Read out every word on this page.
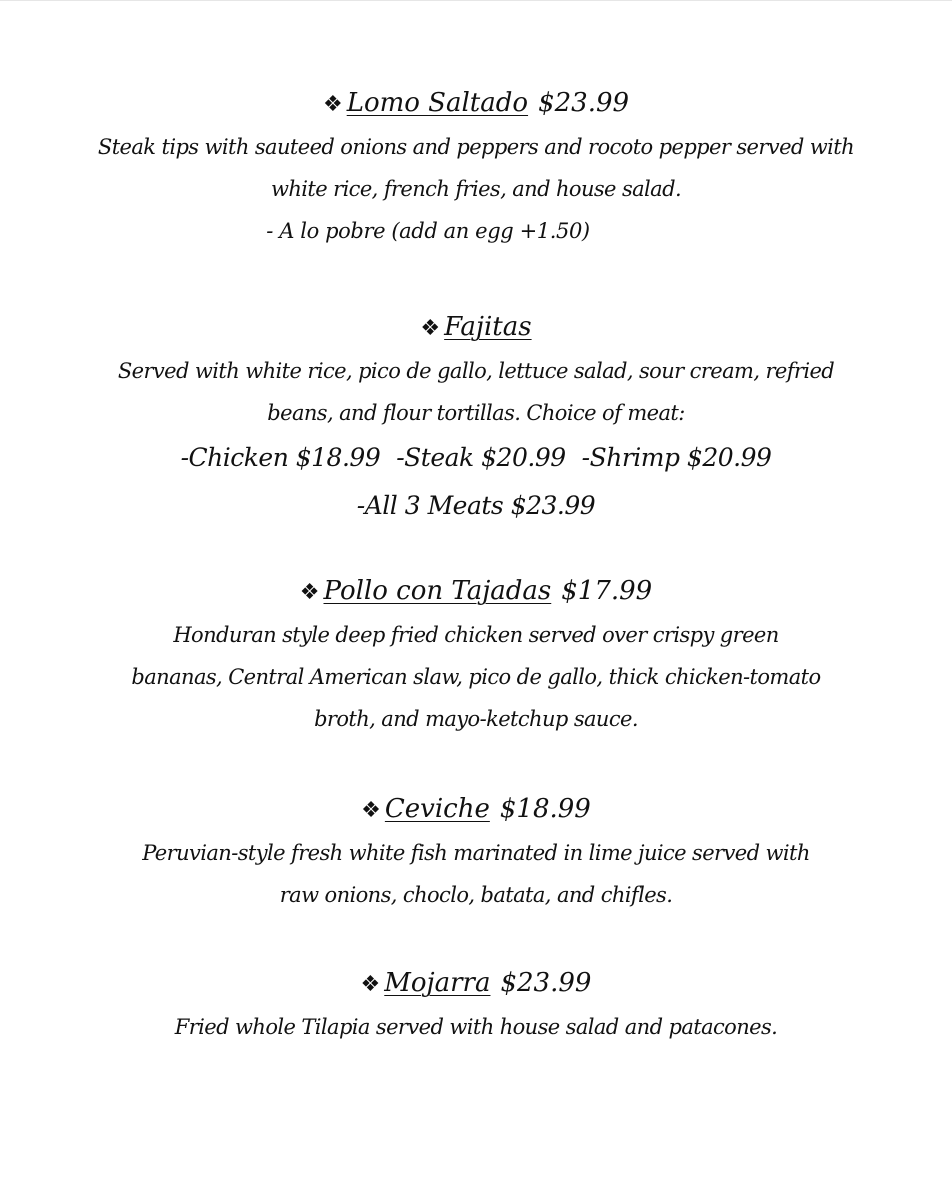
❖ Lomo Saltado $23.99

Steak tips with sauteed onions and peppers and rocoto pepper served with white rice, french fries, and house salad.

- A lo pobre (add an egg +1.50)
❖ Fajitas

Served with white rice, pico de gallo, lettuce salad, sour cream, refried beans, and flour tortillas. Choice of meat:

-Chicken $18.99 -Steak $20.99 -Shrimp $20.99
-All 3 Meats $23.99
❖ Pollo con Tajadas $17.99

Honduran style deep fried chicken served over crispy green bananas, Central American slaw, pico de gallo, thick chicken-tomato broth, and mayo-ketchup sauce.

❖ Ceviche $18.99

Peruvian-style fresh white fish marinated in lime juice served with raw onions, choclo, batata, and chifles.

❖ Mojarra $23.99

Fried whole Tilapia served with house salad and patacones.
